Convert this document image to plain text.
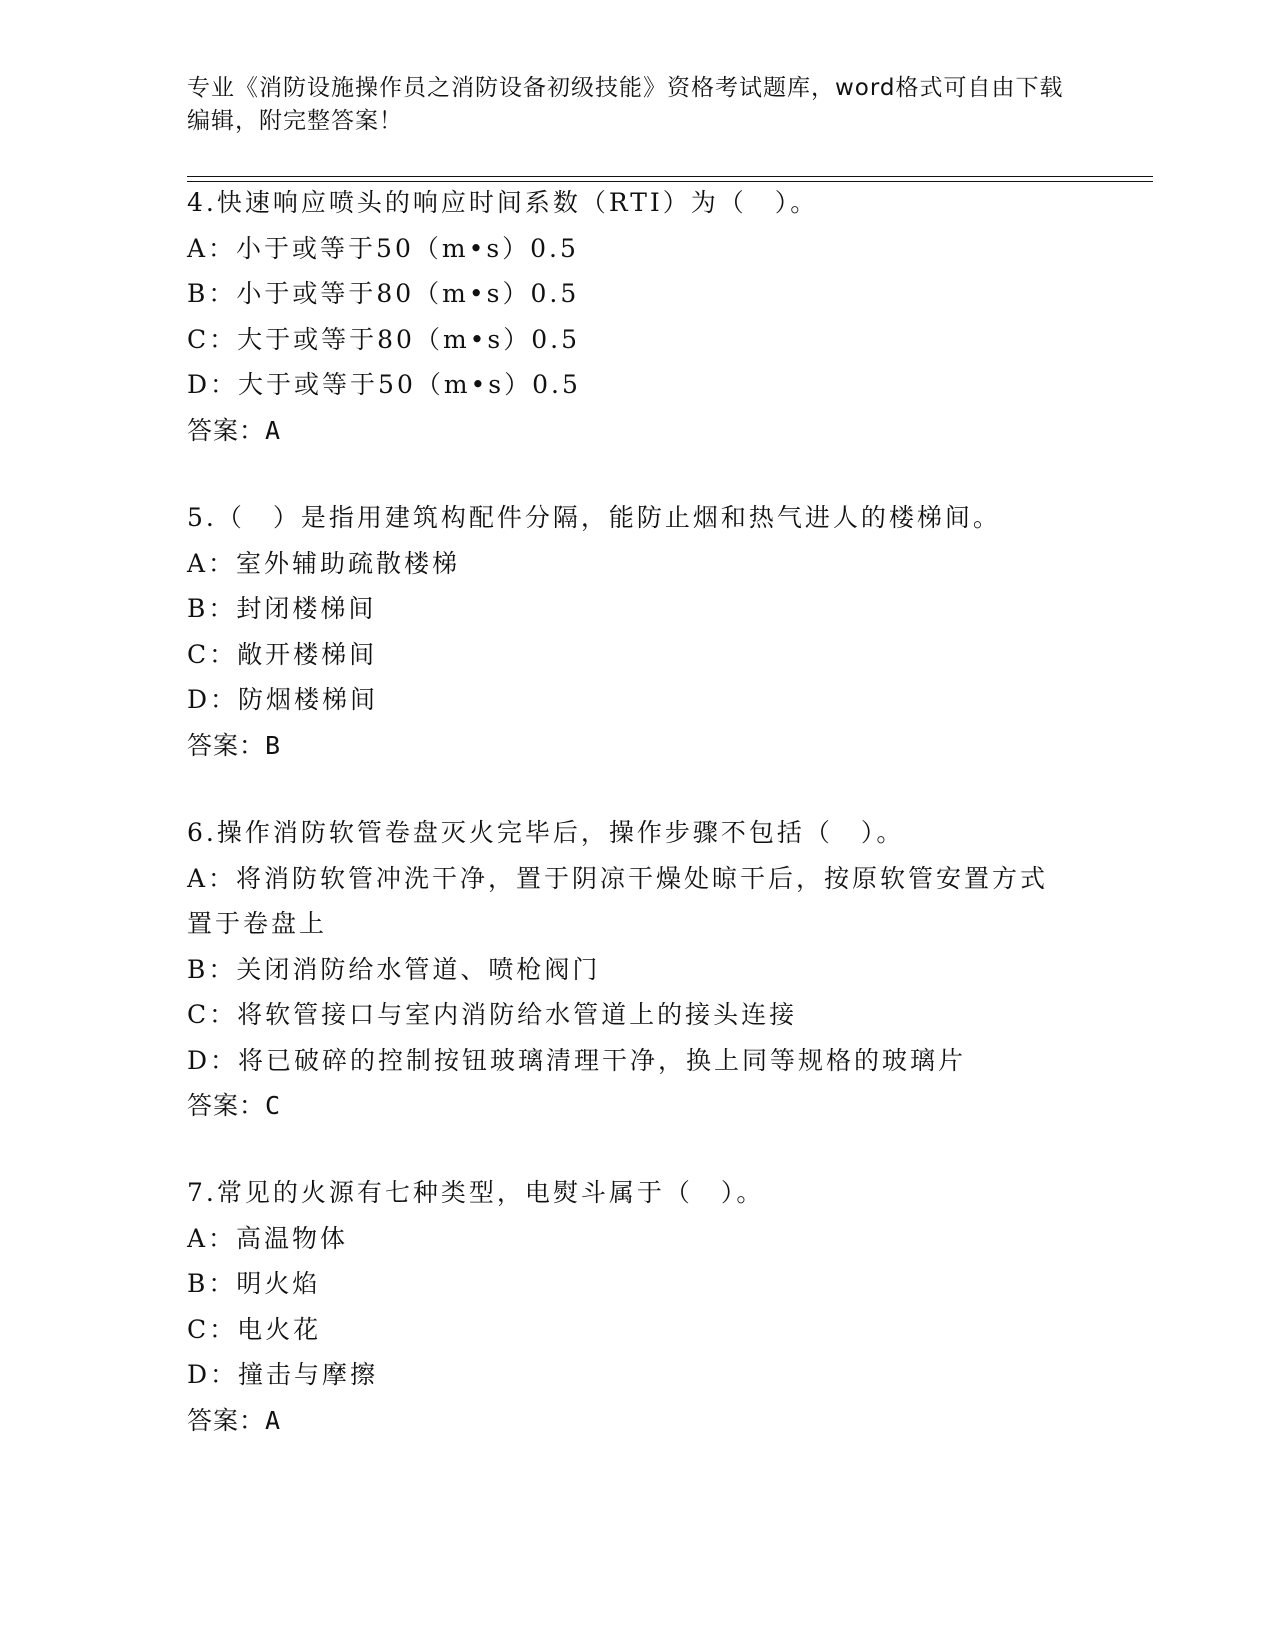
专业《消防设施操作员之消防设备初级技能》资格考试题库，word格式可自由下载编辑，附完整答案！
4.快速响应喷头的响应时间系数（RTI）为（　）。
A：小于或等于50（m•s）0.5
B：小于或等于80（m•s）0.5
C：大于或等于80（m•s）0.5
D：大于或等于50（m•s）0.5
答案：A
5.（　）是指用建筑构配件分隔，能防止烟和热气进人的楼梯间。
A：室外辅助疏散楼梯
B：封闭楼梯间
C：敞开楼梯间
D：防烟楼梯间
答案：B
6.操作消防软管卷盘灭火完毕后，操作步骤不包括（　）。
A：将消防软管冲洗干净，置于阴凉干燥处晾干后，按原软管安置方式置于卷盘上
B：关闭消防给水管道、喷枪阀门
C：将软管接口与室内消防给水管道上的接头连接
D：将已破碎的控制按钮玻璃清理干净，换上同等规格的玻璃片
答案：C
7.常见的火源有七种类型，电熨斗属于（　）。
A：高温物体
B：明火焰
C：电火花
D：撞击与摩擦
答案：A
